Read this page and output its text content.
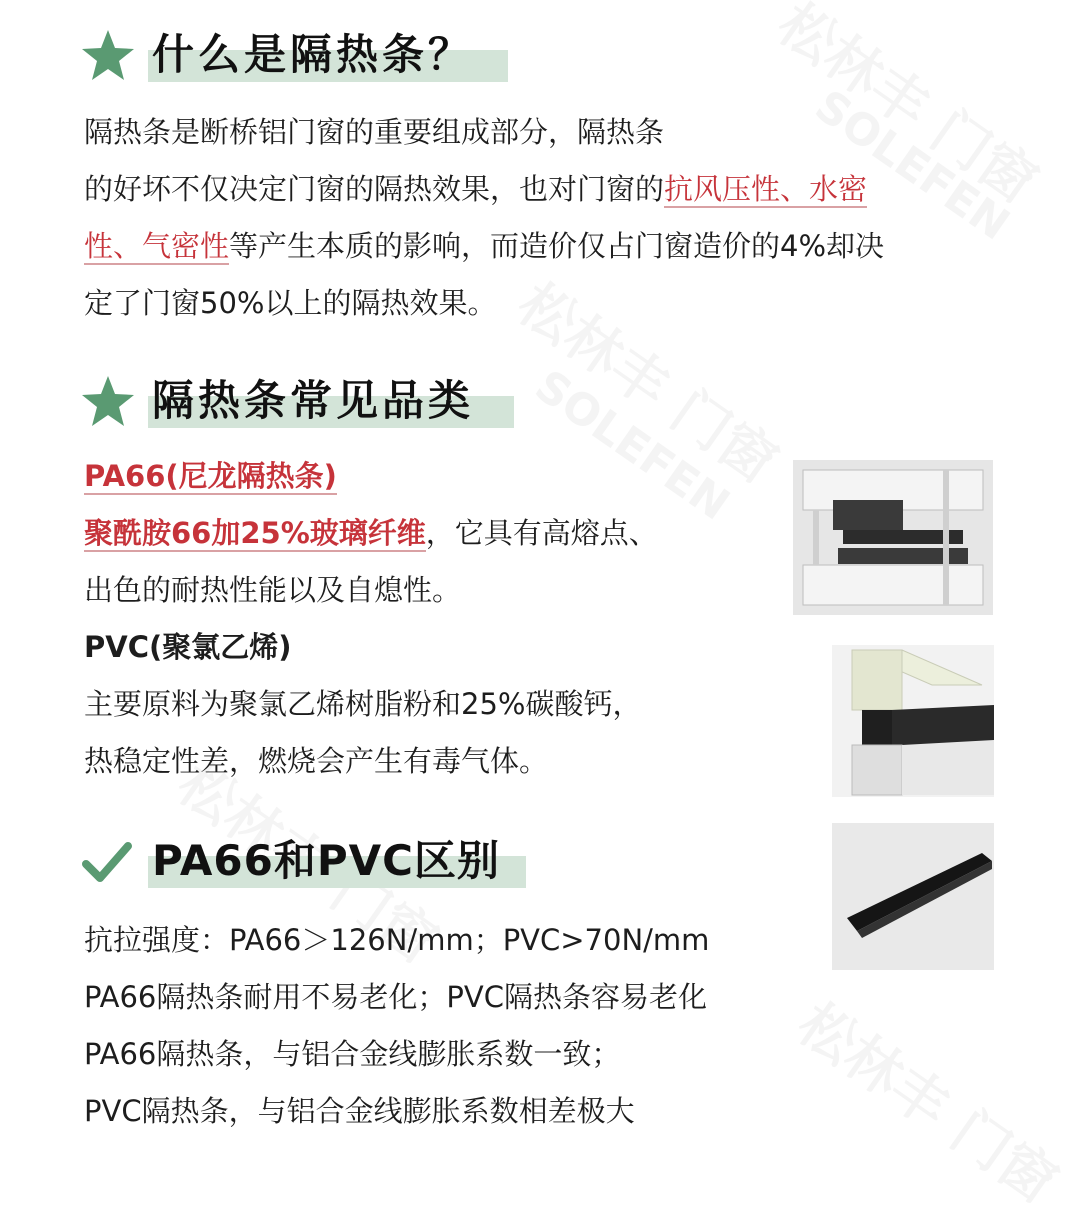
什么是隔热条？
隔热条是断桥铝门窗的重要组成部分，隔热条
的好坏不仅决定门窗的隔热效果，也对门窗的抗风压性、水密
性、气密性等产生本质的影响，而造价仅占门窗造价的4%却决
定了门窗50%以上的隔热效果。
隔热条常见品类
PA66(尼龙隔热条)
聚酰胺66加25%玻璃纤维，它具有高熔点、
出色的耐热性能以及自熄性。
PVC(聚氯乙烯)
主要原料为聚氯乙烯树脂粉和25%碳酸钙，
热稳定性差，燃烧会产生有毒气体。
PA66和PVC区别
抗拉强度：PA66＞126N/mm；PVC>70N/mm
PA66隔热条耐用不易老化；PVC隔热条容易老化
PA66隔热条，与铝合金线膨胀系数一致；
PVC隔热条，与铝合金线膨胀系数相差极大
